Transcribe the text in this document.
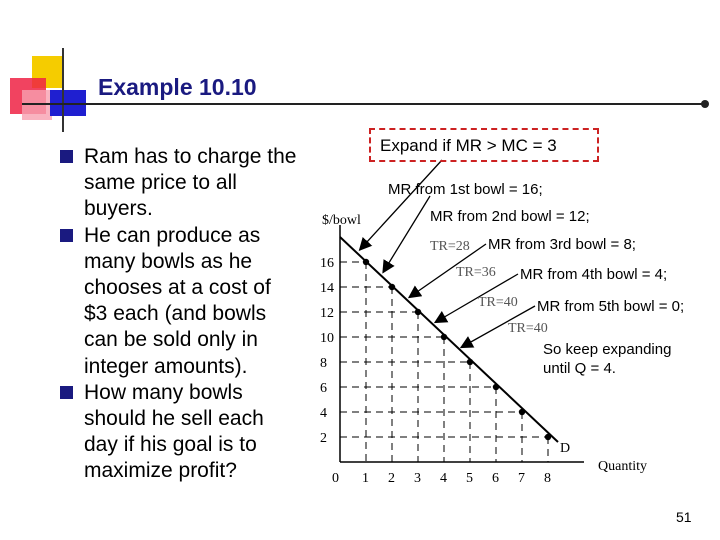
Example 10.10
Ram has to charge the
same price to all
buyers.
He can produce as
many bowls as he
chooses at a cost of
$3 each (and bowls
can be sold only in
integer amounts).
How many bowls
should he sell each
day if his goal is to
maximize profit?	0 1 2 3 4 5 6 7 8
2
4
6
8
10
12
14
16
$/bowl
Quantity
D
TR=28
TR=36
TR=40
TR=40
Expand if MR > MC = 3
MR from 1st bowl = 16;
MR from 2nd bowl = 12;
MR from 3rd bowl = 8;
MR from 4th bowl = 4;
MR from 5th bowl = 0;
So keep expanding
until Q = 4.
51
